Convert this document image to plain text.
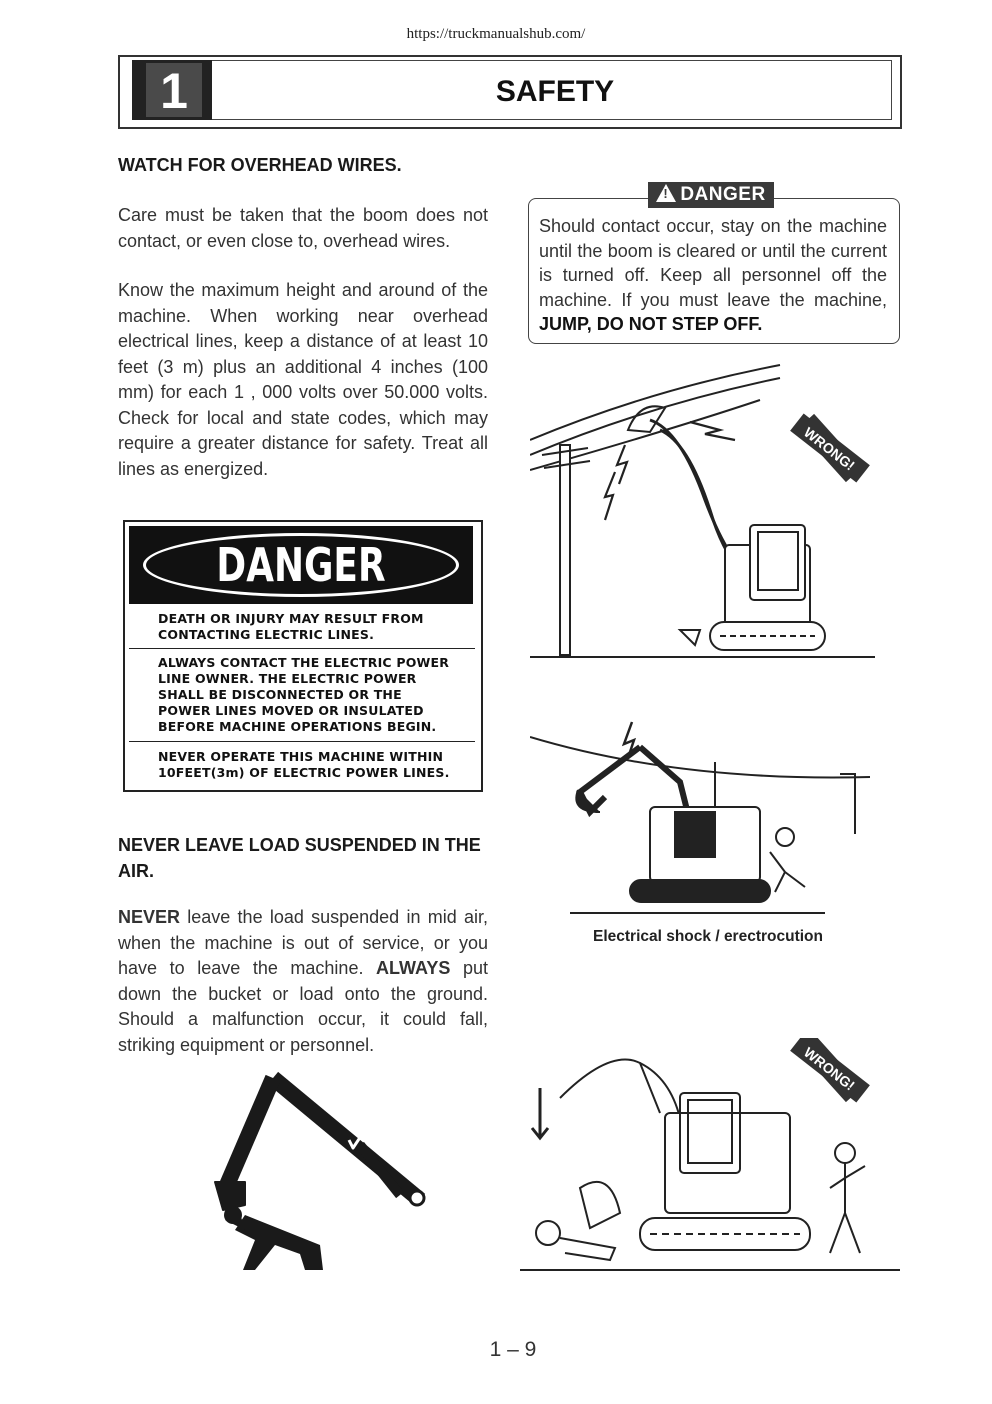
https://truckmanualshub.com/
1	SAFETY
WATCH FOR OVERHEAD WIRES.
Care must be taken that the boom does not contact, or even close to, overhead wires.
Know the maximum height and around of the machine. When working near overhead electrical lines, keep a distance of at least 10 feet (3 m) plus an additional 4 inches (100 mm) for each 1 , 000 volts over 50.000 volts. Check for local and state codes, which may require a greater distance for safety. Treat all lines as energized.
DANGER
DEATH OR INJURY MAY RESULT FROM CONTACTING ELECTRIC LINES.
ALWAYS CONTACT THE ELECTRIC POWER LINE OWNER. THE ELECTRIC POWER SHALL BE DISCONNECTED OR THE POWER LINES MOVED OR INSULATED BEFORE MACHINE OPERATIONS BEGIN.
NEVER OPERATE THIS MACHINE WITHIN 10FEET(3m) OF ELECTRIC POWER LINES.
NEVER LEAVE LOAD SUSPENDED IN THE AIR.
NEVER leave the load suspended in mid air, when the machine is out of service, or you have to leave the machine. ALWAYS put down the bucket or load onto the ground. Should a malfunction occur, it could fall, striking equipment or personnel.
!DANGER
Should contact occur, stay on the machine until the boom is cleared or until the current is turned off. Keep all personnel off the machine. If you must leave the machine, JUMP, DO NOT STEP OFF.
WRONG!
Electrical shock / erectrocution
WRONG!
1 – 9
